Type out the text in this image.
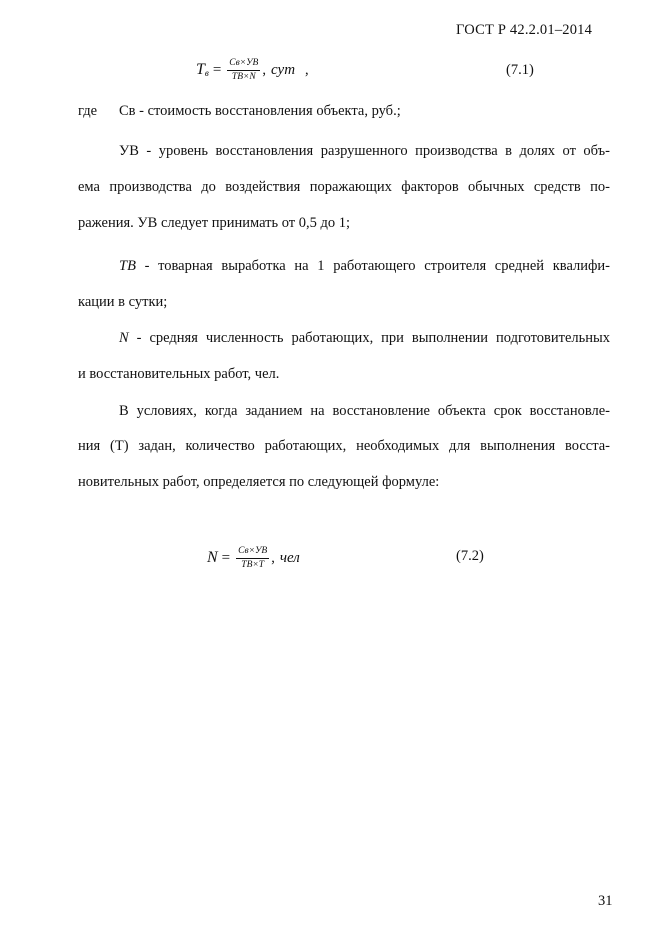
ГОСТ Р 42.2.01–2014
$T_в = \frac{Cв\times УВ}{ТВ\times N}$ , сут ,	(7.1)
где Св - стоимость восстановления объекта, руб.;
УВ - уровень восстановления разрушенного производства в долях от объ-
ема производства до воздействия поражающих факторов обычных средств по-
ражения. УВ следует принимать от 0,5 до 1;
ТВ - товарная выработка на 1 работающего строителя средней квалифи-
кации в сутки;
N - средняя численность работающих, при выполнении подготовительных
и восстановительных работ, чел.
В условиях, когда заданием на восстановление объекта срок восстановле-
ния (Т) задан, количество работающих, необходимых для выполнения восста-
новительных работ, определяется по следующей формуле:
$N = \frac{Cв\times УВ}{ТВ\times Т}$ , чел	(7.2)
31
